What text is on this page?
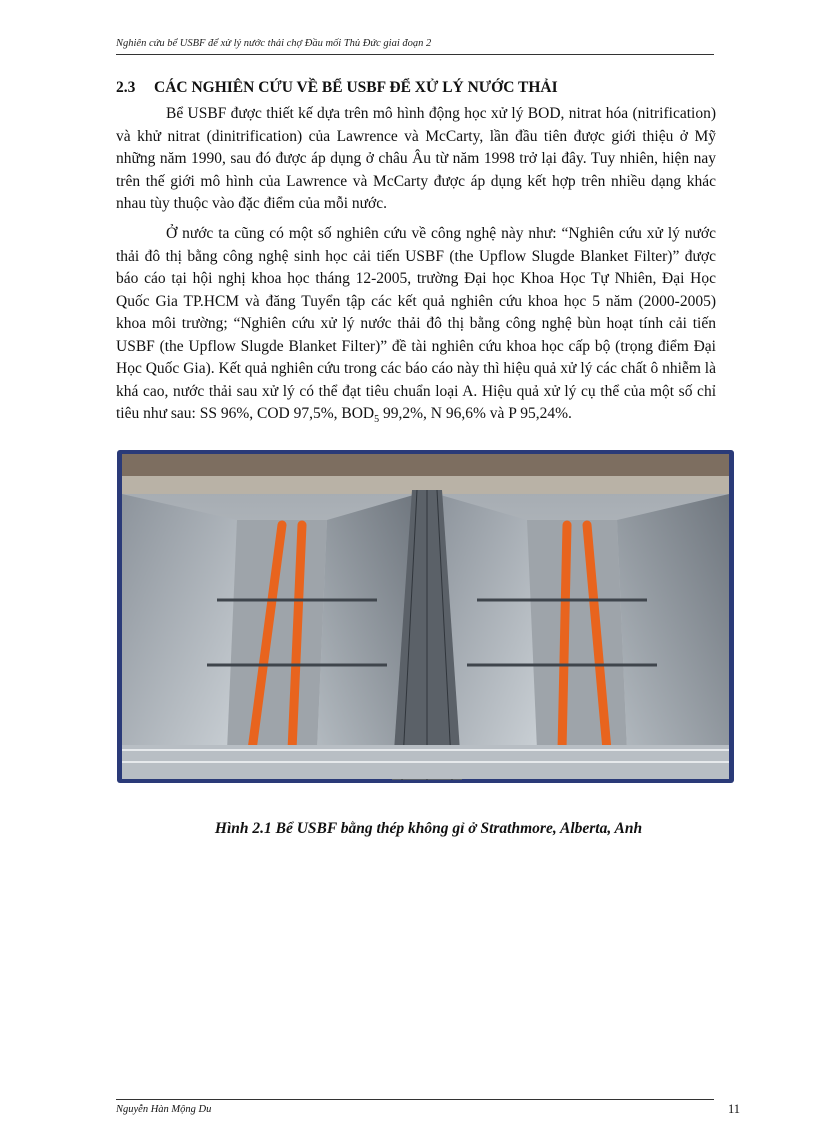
Nghiên cứu bể USBF để xử lý nước thải chợ Đầu mối Thủ Đức giai đoạn 2
2.3 CÁC NGHIÊN CỨU VỀ BỂ USBF ĐỂ XỬ LÝ NƯỚC THẢI

Bể USBF được thiết kế dựa trên mô hình động học xử lý BOD, nitrat hóa (nitrification) và khử nitrat (dinitrification) của Lawrence và McCarty, lần đầu tiên được giới thiệu ở Mỹ những năm 1990, sau đó được áp dụng ở châu Âu từ năm 1998 trở lại đây. Tuy nhiên, hiện nay trên thế giới mô hình của Lawrence và McCarty được áp dụng kết hợp trên nhiều dạng khác nhau tùy thuộc vào đặc điểm của mỗi nước.

Ở nước ta cũng có một số nghiên cứu về công nghệ này như: “Nghiên cứu xử lý nước thải đô thị bằng công nghệ sinh học cải tiến USBF (the Upflow Slugde Blanket Filter)” được báo cáo tại hội nghị khoa học tháng 12-2005, trường Đại học Khoa Học Tự Nhiên, Đại Học Quốc Gia TP.HCM và đăng Tuyển tập các kết quả nghiên cứu khoa học 5 năm (2000-2005) khoa môi trường; “Nghiên cứu xử lý nước thải đô thị bằng công nghệ bùn hoạt tính cải tiến USBF (the Upflow Slugde Blanket Filter)” đề tài nghiên cứu khoa học cấp bộ (trọng điểm Đại Học Quốc Gia). Kết quả nghiên cứu trong các báo cáo này thì hiệu quả xử lý các chất ô nhiễm là khá cao, nước thải sau xử lý có thể đạt tiêu chuẩn loại A. Hiệu quả xử lý cụ thể của một số chỉ tiêu như sau: SS 96%, COD 97,5%, $BOD_5$ 99,2%, N 96,6% và P 95,24%.

Hình 2.1 Bể USBF bằng thép không gỉ ở Strathmore, Alberta, Anh
Nguyễn Hàn Mộng Du	11
